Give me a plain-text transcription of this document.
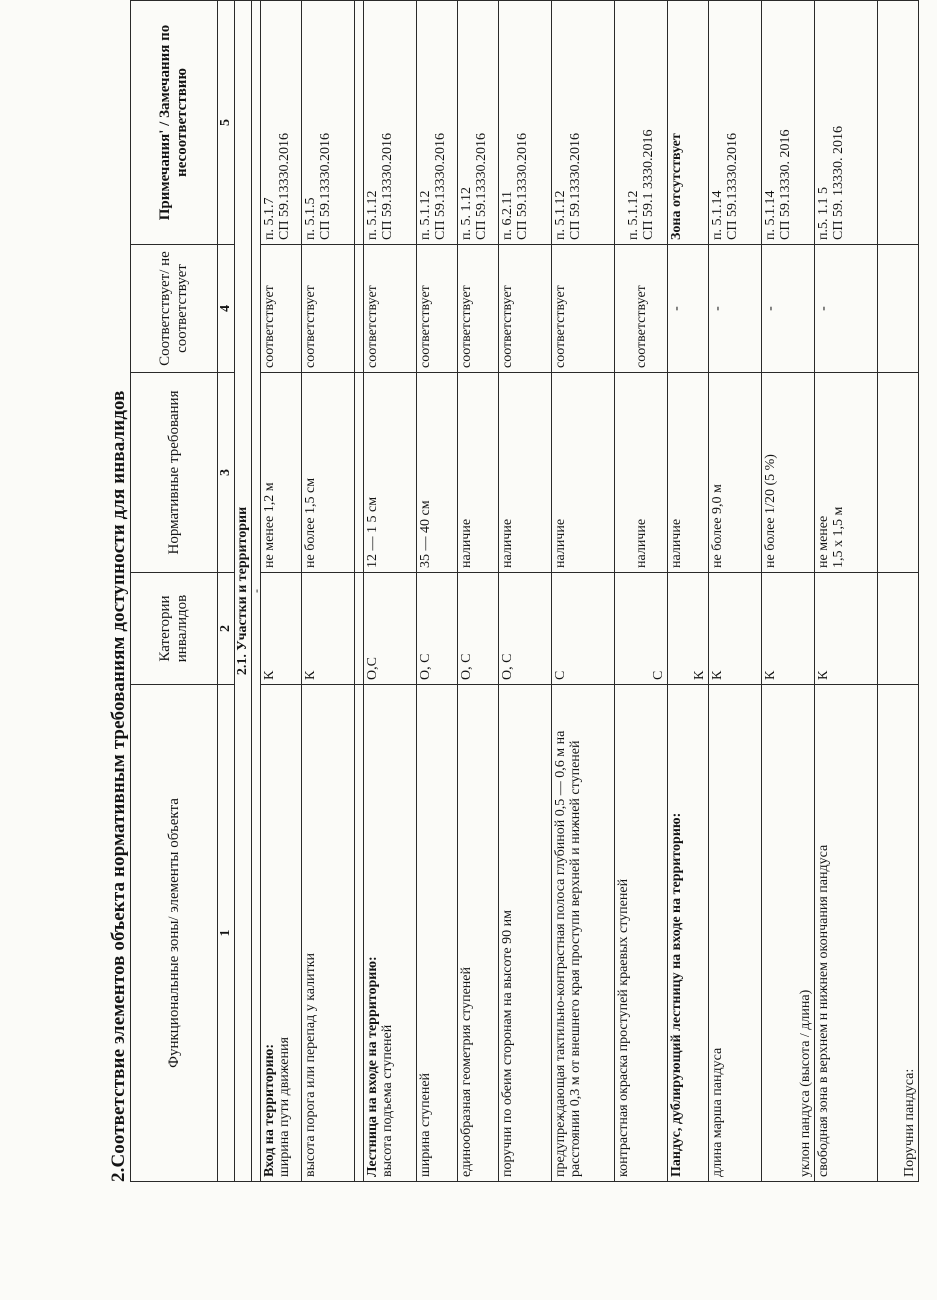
2.Соответствие элементов объекта нормативным требованиям доступности для инвалидов Функциональные зоны/ элементы объекта	Категории инвалидов	Нормативные требования	Соответствует/ не соответствует	Примечания' / Замечания по несоответствию
1	2	3	4	5
2.1. Участки и территории				
-				

Вход на территорию: ширина пути движения	К	не менее 1,2 м	соответствует	п. 5.1.7
СП 59.13330.2016
высота порога или перепад у калитки	К	не более 1,5 см	соответствует	п. 5.1.5
СП 59.13330.2016

Лестница на входе на территорию: высота подъема ступеней	О,С	12 — 1 5 см	соответствует	п. 5.1.12
СП 59.13330.2016
ширина ступеней	О, С	35 — 40 см	соответствует	п. 5.1.12
СП 59.13330.2016
единообразная геометрия ступеней	О, С	наличие	соответствует	п. 5. 1.12
СП 59.13330.2016
поручни по обеим сторонам на высоте 90 им	О, С	наличие	соответствует	п. 6.2.11
СП 59.13330.2016
предупреждающая тактильно-контрастная полоса глубиной 0,5 — 0,6 м на расстоянии 0,3 м от внешнего края проступи верхней и нижней ступеней	С	наличие	соответствует	п. 5.1.12
СП 59.13330.2016
контрастная окраска проступей краевых ступеней	С	наличие	соответствует	п. 5.1.12
СП 59.1 3330.2016

Пандус, дублирующий лестницу на входе на территорию:	К	наличие	-	Зона отсутствует
длина марша пандуса	К	не более 9,0 м	-	п. 5.1.14
СП 59.13330.2016
уклон пандуса (высота / длина)	К	не более 1/20 (5 %)	-	п. 5.1.14
СП 59.13330. 2016
свободная зона в верхнем н нижнем окончания пандуса	К	не менее
1,5 х 1,5 м	-	п.5. 1.1 5
СП 59. 13330. 2016
Поручни пандуса:				
